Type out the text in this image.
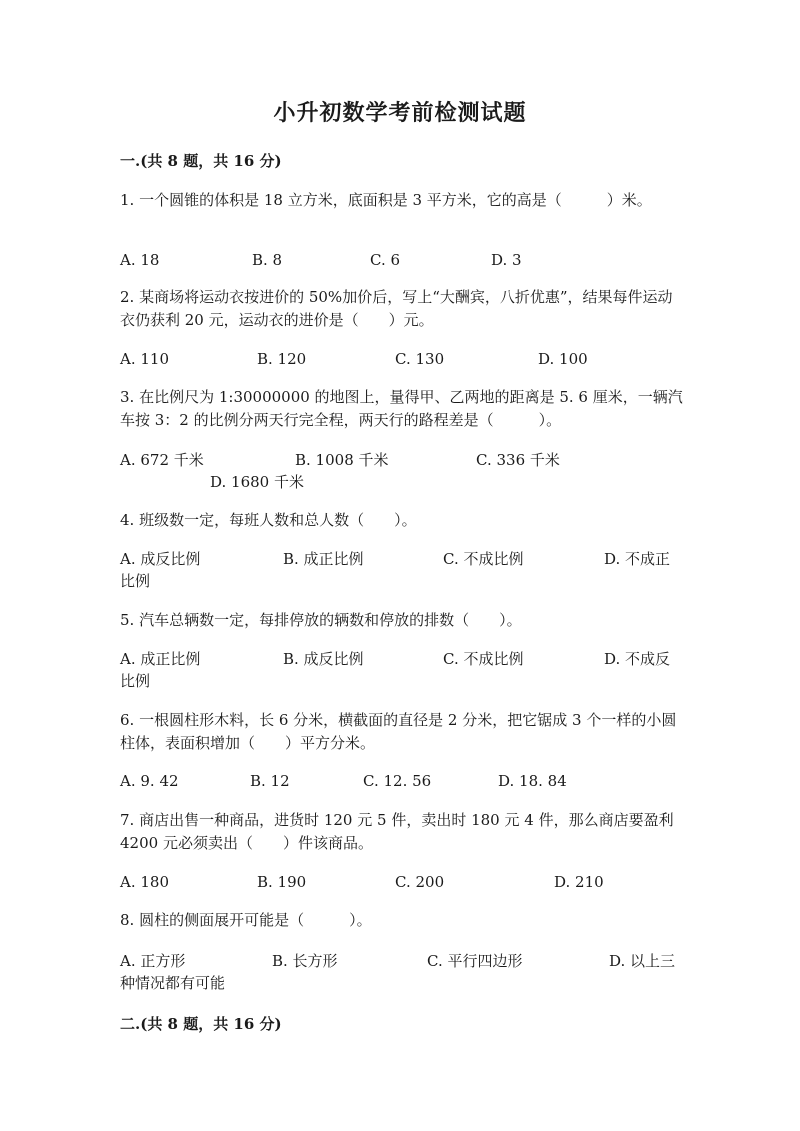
小升初数学考前检测试题
一.(共 8 题，共 16 分)
1. 一个圆锥的体积是 18 立方米，底面积是 3 平方米，它的高是（　　　）米。
A. 18	B. 8	C. 6	D. 3
2. 某商场将运动衣按进价的 50%加价后，写上“大酬宾，八折优惠”，结果每件运动衣仍获利 20 元，运动衣的进价是（　　）元。
A. 110	B. 120	C. 130	D. 100
3. 在比例尺为 1:30000000 的地图上，量得甲、乙两地的距离是 5. 6 厘米，一辆汽车按 3：2 的比例分两天行完全程，两天行的路程差是（　　　）。
A. 672 千米	B. 1008 千米	C. 336 千米
D. 1680 千米
4. 班级数一定，每班人数和总人数（　　）。
A. 成反比例	B. 成正比例	C. 不成比例	D. 不成正比例
5. 汽车总辆数一定，每排停放的辆数和停放的排数（　　）。
A. 成正比例	B. 成反比例	C. 不成比例	D. 不成反比例
6. 一根圆柱形木料，长 6 分米，横截面的直径是 2 分米，把它锯成 3 个一样的小圆柱体，表面积增加（　　）平方分米。
A. 9. 42	B. 12	C. 12. 56	D. 18. 84
7. 商店出售一种商品，进货时 120 元 5 件，卖出时 180 元 4 件，那么商店要盈利 4200 元必须卖出（　　）件该商品。
A. 180	B. 190	C. 200	D. 210
8. 圆柱的侧面展开可能是（　　　）。
A. 正方形	B. 长方形	C. 平行四边形	D. 以上三种情况都有可能
二.(共 8 题，共 16 分)
